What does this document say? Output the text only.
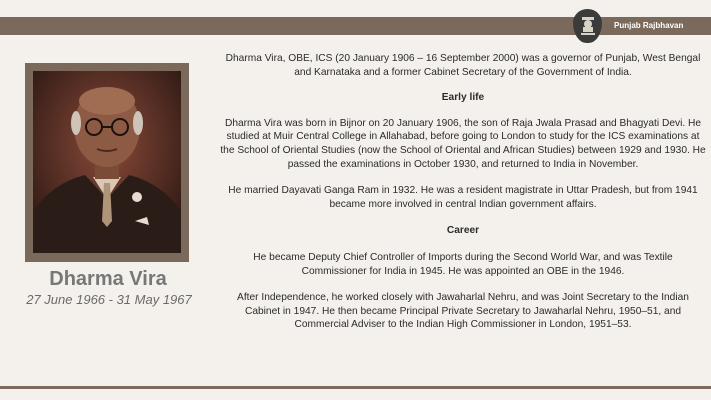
Punjab Rajbhavan
Dharma Vira
27 June 1966 - 31 May 1967

Dharma Vira, OBE, ICS (20 January 1906 – 16 September 2000) was a governor of Punjab, West Bengal and Karnataka and a former Cabinet Secretary of the Government of India.

Early life

Dharma Vira was born in Bijnor on 20 January 1906, the son of Raja Jwala Prasad and Bhagyati Devi. He studied at Muir Central College in Allahabad, before going to London to study for the ICS examinations at the School of Oriental Studies (now the School of Oriental and African Studies) between 1929 and 1930. He passed the examinations in October 1930, and returned to India in November.

He married Dayavati Ganga Ram in 1932. He was a resident magistrate in Uttar Pradesh, but from 1941 became more involved in central Indian government affairs.

Career

He became Deputy Chief Controller of Imports during the Second World War, and was Textile Commissioner for India in 1945. He was appointed an OBE in the 1946.

After Independence, he worked closely with Jawaharlal Nehru, and was Joint Secretary to the Indian Cabinet in 1947. He then became Principal Private Secretary to Jawaharlal Nehru, 1950–51, and Commercial Adviser to the Indian High Commissioner in London, 1951–53.
